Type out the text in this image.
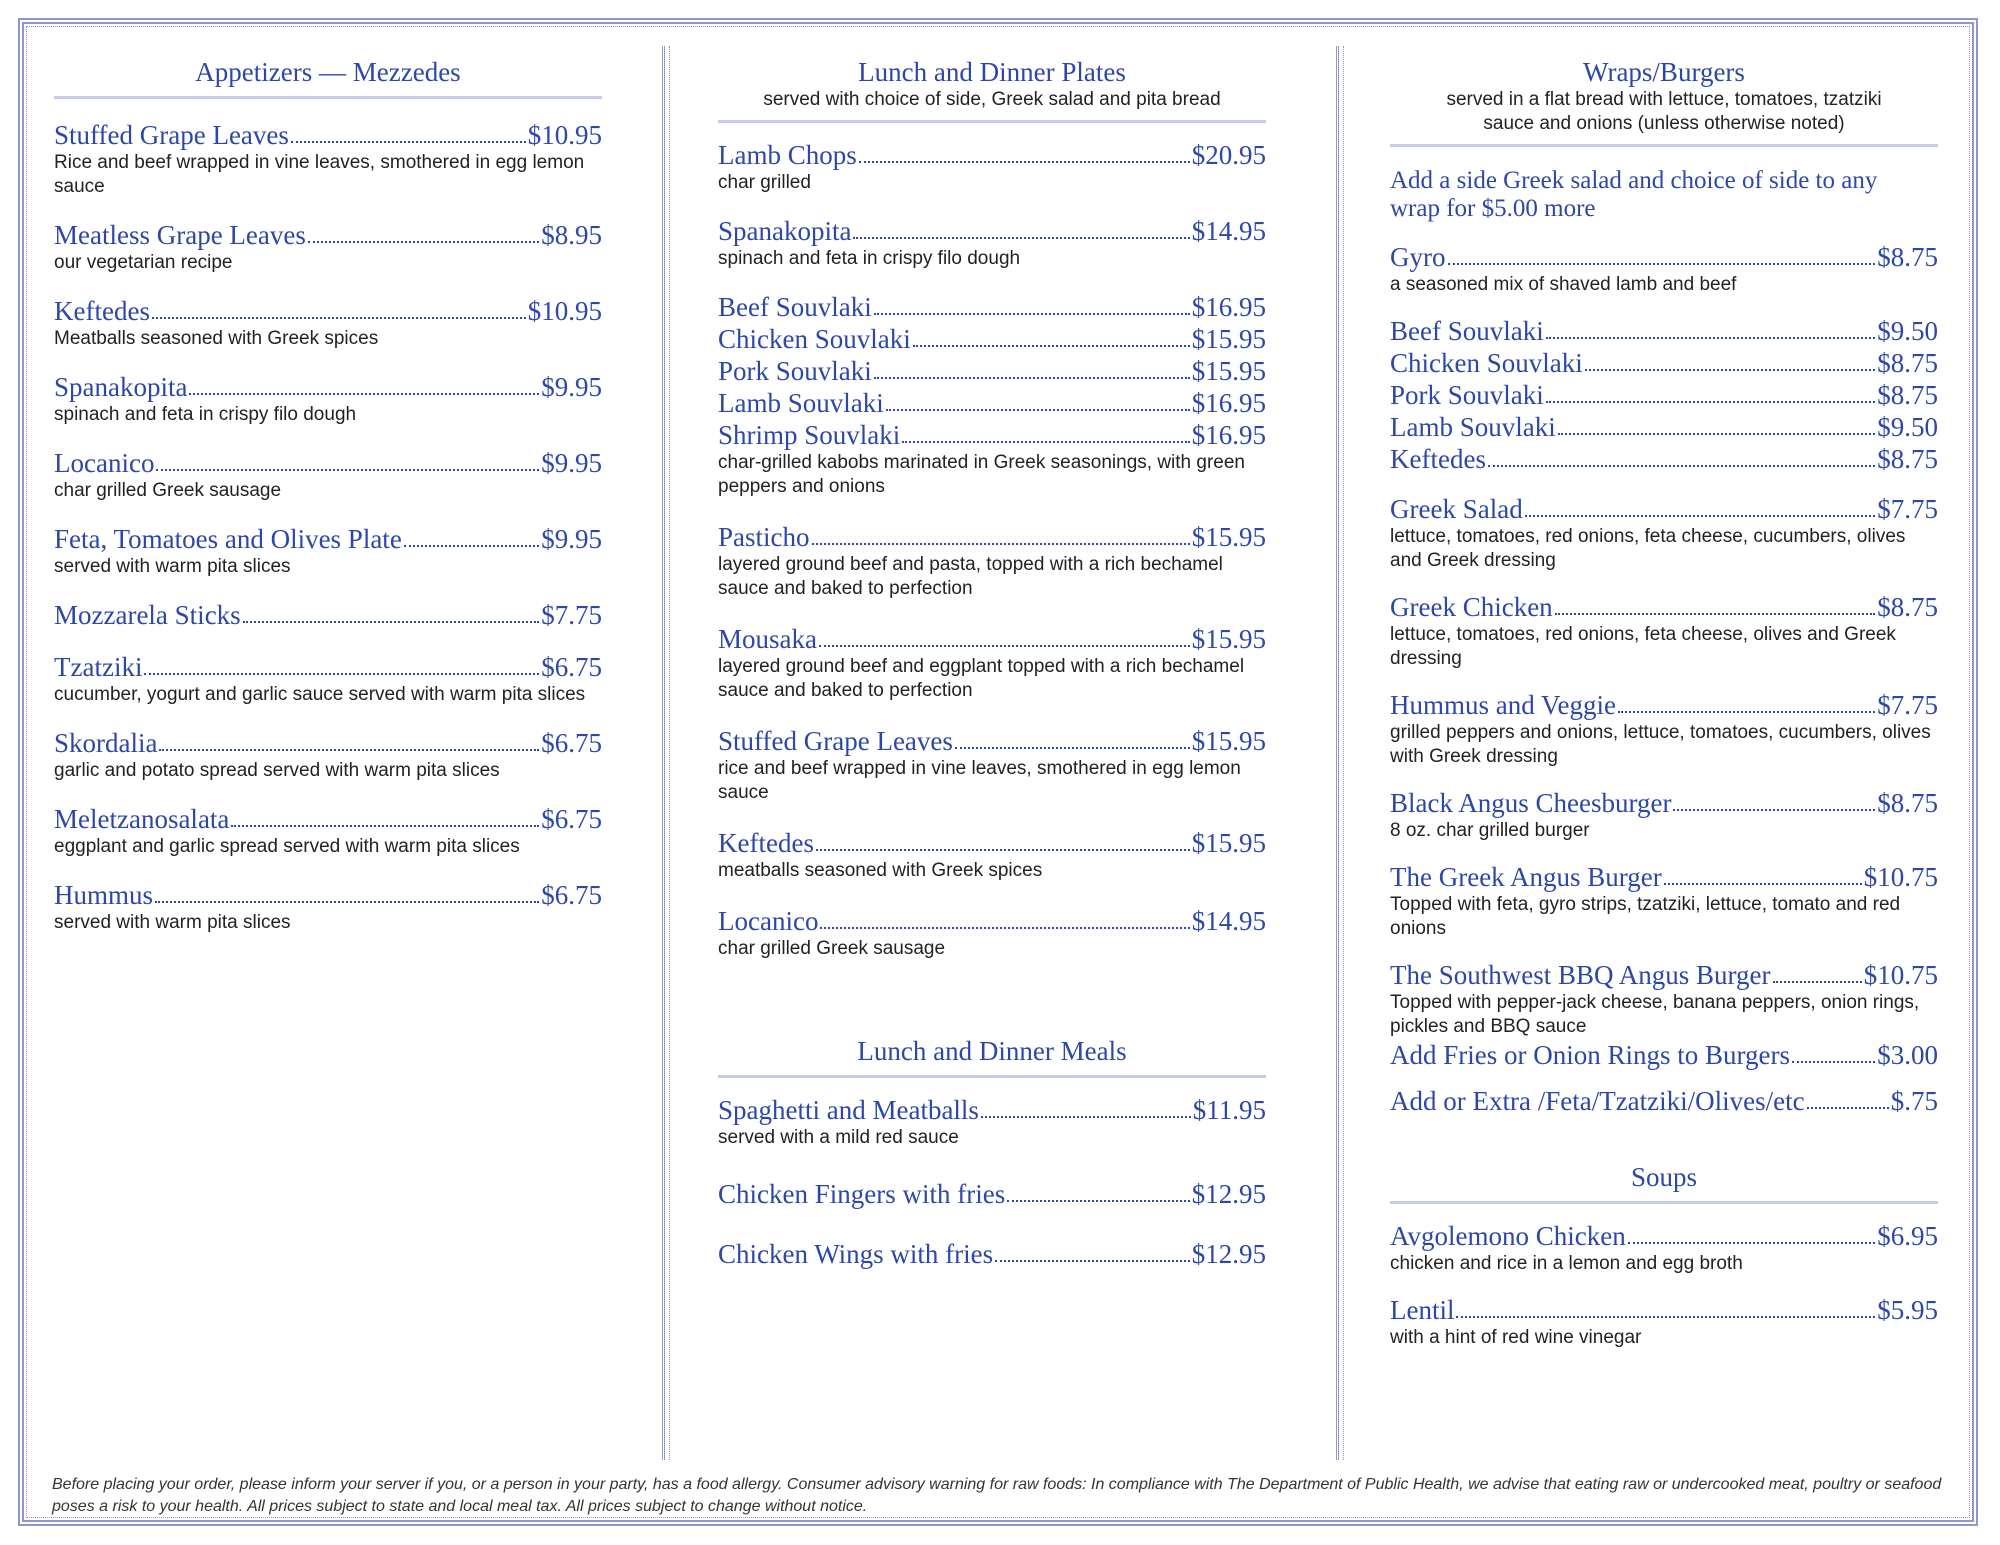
Appetizers — Mezzedes
Stuffed Grape Leaves	$10.95
Rice and beef wrapped in vine leaves, smothered in egg lemon sauce
Meatless Grape Leaves	$8.95
our vegetarian recipe
Keftedes	$10.95
Meatballs seasoned with Greek spices
Spanakopita	$9.95
spinach and feta in crispy filo dough
Locanico	$9.95
char grilled Greek sausage
Feta, Tomatoes and Olives Plate	$9.95
served with warm pita slices
Mozzarela Sticks	$7.75
Tzatziki	$6.75
cucumber, yogurt and garlic sauce served with warm pita slices
Skordalia	$6.75
garlic and potato spread served with warm pita slices
Meletzanosalata	$6.75
eggplant and garlic spread served with warm pita slices
Hummus	$6.75
served with warm pita slices
Lunch and Dinner Plates
served with choice of side, Greek salad and pita bread
Lamb Chops	$20.95
char grilled
Spanakopita	$14.95
spinach and feta in crispy filo dough
Beef Souvlaki	$16.95
Chicken Souvlaki	$15.95
Pork Souvlaki	$15.95
Lamb Souvlaki	$16.95
Shrimp Souvlaki	$16.95
char-grilled kabobs marinated in Greek seasonings, with green peppers and onions
Pasticho	$15.95
layered ground beef and pasta, topped with a rich bechamel sauce and baked to perfection
Mousaka	$15.95
layered ground beef and eggplant topped with a rich bechamel sauce and baked to perfection
Stuffed Grape Leaves	$15.95
rice and beef wrapped in vine leaves, smothered in egg lemon sauce
Keftedes	$15.95
meatballs seasoned with Greek spices
Locanico	$14.95
char grilled Greek sausage
Lunch and Dinner Meals
Spaghetti and Meatballs	$11.95
served with a mild red sauce
Chicken Fingers with fries	$12.95
Chicken Wings with fries	$12.95
Wraps/Burgers
served in a flat bread with lettuce, tomatoes, tzatziki sauce and onions (unless otherwise noted)
Add a side Greek salad and choice of side to any wrap for $5.00 more
Gyro	$8.75
a seasoned mix of shaved lamb and beef
Beef Souvlaki	$9.50
Chicken Souvlaki	$8.75
Pork Souvlaki	$8.75
Lamb Souvlaki	$9.50
Keftedes	$8.75
Greek Salad	$7.75
lettuce, tomatoes, red onions, feta cheese, cucumbers, olives and Greek dressing
Greek Chicken	$8.75
lettuce, tomatoes, red onions, feta cheese, olives and Greek dressing
Hummus and Veggie	$7.75
grilled peppers and onions, lettuce, tomatoes, cucumbers, olives with Greek dressing
Black Angus Cheesburger	$8.75
8 oz. char grilled burger
The Greek Angus Burger	$10.75
Topped with feta, gyro strips, tzatziki, lettuce, tomato and red onions
The Southwest BBQ Angus Burger	$10.75
Topped with pepper-jack cheese, banana peppers, onion rings, pickles and BBQ sauce
Add Fries or Onion Rings to Burgers	$3.00
Add or Extra /Feta/Tzatziki/Olives/etc	$.75
Soups
Avgolemono Chicken	$6.95
chicken and rice in a lemon and egg broth
Lentil	$5.95
with a hint of red wine vinegar
Before placing your order, please inform your server if you, or a person in your party, has a food allergy. Consumer advisory warning for raw foods: In compliance with The Department of Public Health, we advise that eating raw or undercooked meat, poultry or seafood poses a risk to your health. All prices subject to state and local meal tax. All prices subject to change without notice.
